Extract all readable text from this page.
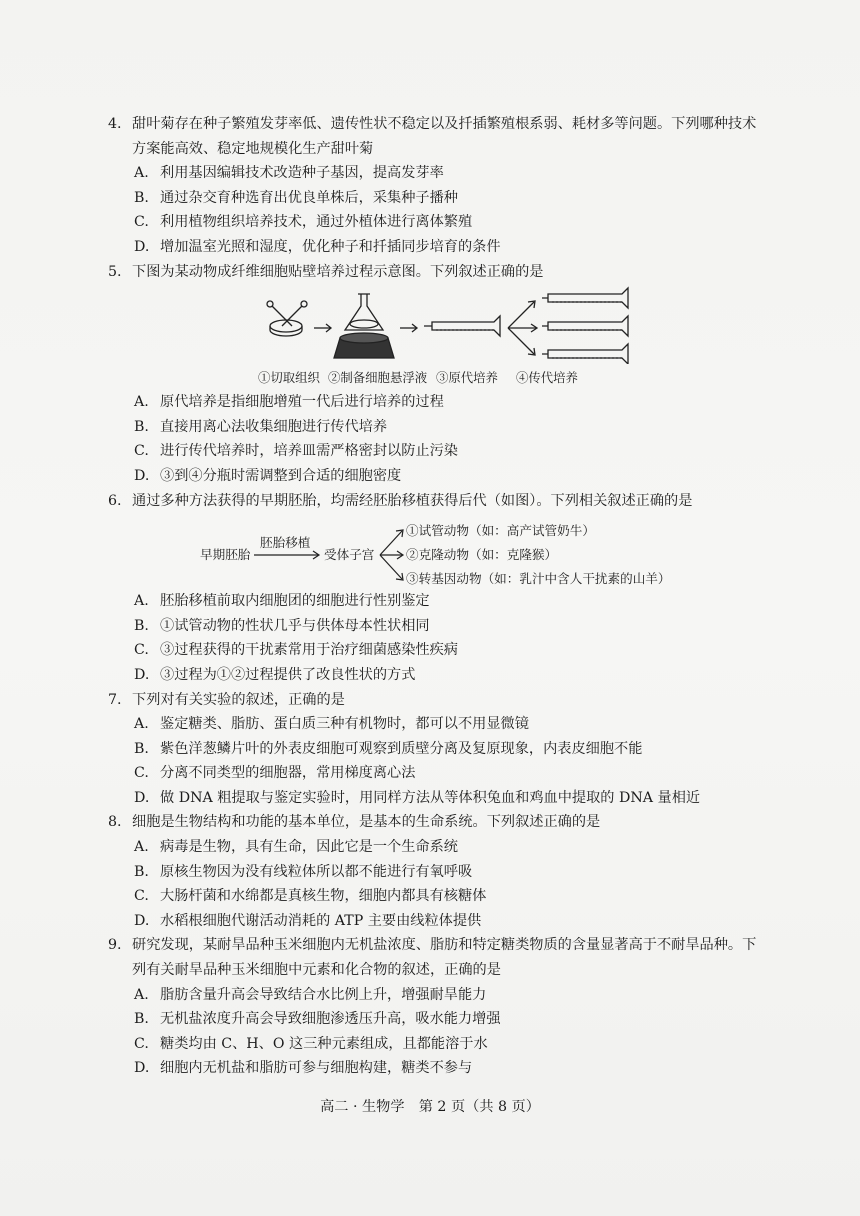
4. 甜叶菊存在种子繁殖发芽率低、遗传性状不稳定以及扦插繁殖根系弱、耗材多等问题。下列哪种技术方案能高效、稳定地规模化生产甜叶菊
A. 利用基因编辑技术改造种子基因，提高发芽率
B. 通过杂交育种选育出优良单株后，采集种子播种
C. 利用植物组织培养技术，通过外植体进行离体繁殖
D. 增加温室光照和湿度，优化种子和扦插同步培育的条件
5. 下图为某动物成纤维细胞贴壁培养过程示意图。下列叙述正确的是
①切取组织 ②制备细胞悬浮液 ③原代培养	④传代培养
A. 原代培养是指细胞增殖一代后进行培养的过程
B. 直接用离心法收集细胞进行传代培养
C. 进行传代培养时，培养皿需严格密封以防止污染
D. ③到④分瓶时需调整到合适的细胞密度
6. 通过多种方法获得的早期胚胎，均需经胚胎移植获得后代（如图）。下列相关叙述正确的是
早期胚胎
胚胎移植
受体子宫
①试管动物（如：高产试管奶牛）
②克隆动物（如：克隆猴）
③转基因动物（如：乳汁中含人干扰素的山羊）
A. 胚胎移植前取内细胞团的细胞进行性别鉴定
B. ①试管动物的性状几乎与供体母本性状相同
C. ③过程获得的干扰素常用于治疗细菌感染性疾病
D. ③过程为①②过程提供了改良性状的方式
7. 下列对有关实验的叙述，正确的是
A. 鉴定糖类、脂肪、蛋白质三种有机物时，都可以不用显微镜
B. 紫色洋葱鳞片叶的外表皮细胞可观察到质壁分离及复原现象，内表皮细胞不能
C. 分离不同类型的细胞器，常用梯度离心法
D. 做 DNA 粗提取与鉴定实验时，用同样方法从等体积兔血和鸡血中提取的 DNA 量相近
8. 细胞是生物结构和功能的基本单位，是基本的生命系统。下列叙述正确的是
A. 病毒是生物，具有生命，因此它是一个生命系统
B. 原核生物因为没有线粒体所以都不能进行有氧呼吸
C. 大肠杆菌和水绵都是真核生物，细胞内都具有核糖体
D. 水稻根细胞代谢活动消耗的 ATP 主要由线粒体提供
9. 研究发现，某耐旱品种玉米细胞内无机盐浓度、脂肪和特定糖类物质的含量显著高于不耐旱品种。下列有关耐旱品种玉米细胞中元素和化合物的叙述，正确的是
A. 脂肪含量升高会导致结合水比例上升，增强耐旱能力
B. 无机盐浓度升高会导致细胞渗透压升高，吸水能力增强
C. 糖类均由 C、H、O 这三种元素组成，且都能溶于水
D. 细胞内无机盐和脂肪可参与细胞构建，糖类不参与
高二 · 生物学　第 2 页（共 8 页）
